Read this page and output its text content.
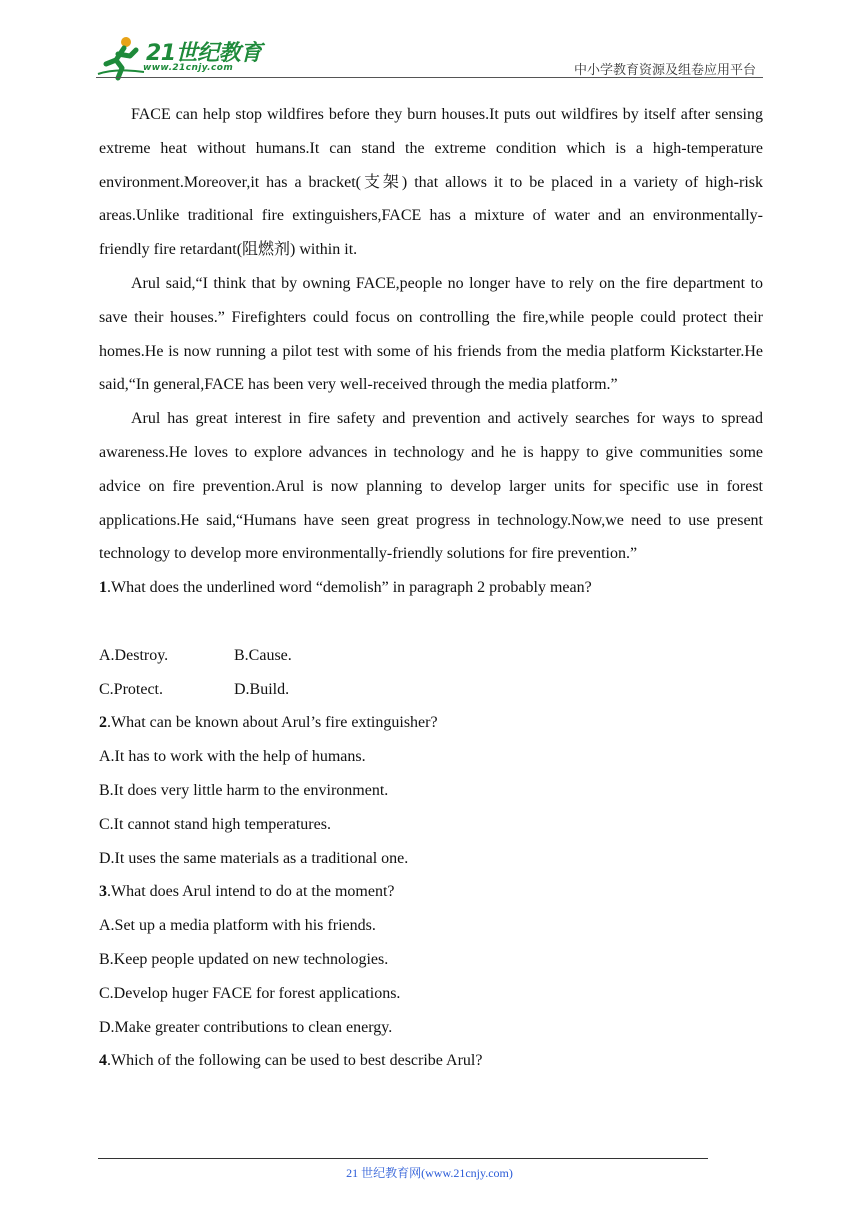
21世纪教育
www.21cnjy.com	中小学教育资源及组卷应用平台

FACE can help stop wildfires before they burn houses.It puts out wildfires by itself after sensing extreme heat without humans.It can stand the extreme condition which is a high-temperature environment.Moreover,it has a bracket(支架) that allows it to be placed in a variety of high-risk areas.Unlike traditional fire extinguishers,FACE has a mixture of water and an environmentally-friendly fire retardant(阻燃剂) within it.

Arul said,“I think that by owning FACE,people no longer have to rely on the fire department to save their houses.” Firefighters could focus on controlling the fire,while people could protect their homes.He is now running a pilot test with some of his friends from the media platform Kickstarter.He said,“In general,FACE has been very well-received through the media platform.”

Arul has great interest in fire safety and prevention and actively searches for ways to spread awareness.He loves to explore advances in technology and he is happy to give communities some advice on fire prevention.Arul is now planning to develop larger units for specific use in forest applications.He said,“Humans have seen great progress in technology.Now,we need to use present technology to develop more environmentally-friendly solutions for fire prevention.”

1.What does the underlined word “demolish” in paragraph 2 probably mean?

A.Destroy.	B.Cause.
C.Protect.	D.Build.

2.What can be known about Arul’s fire extinguisher?

A.It has to work with the help of humans.

B.It does very little harm to the environment.

C.It cannot stand high temperatures.

D.It uses the same materials as a traditional one.

3.What does Arul intend to do at the moment?

A.Set up a media platform with his friends.

B.Keep people updated on new technologies.

C.Develop huger FACE for forest applications.

D.Make greater contributions to clean energy.

4.Which of the following can be used to best describe Arul?

21 世纪教育网(www.21cnjy.com)
